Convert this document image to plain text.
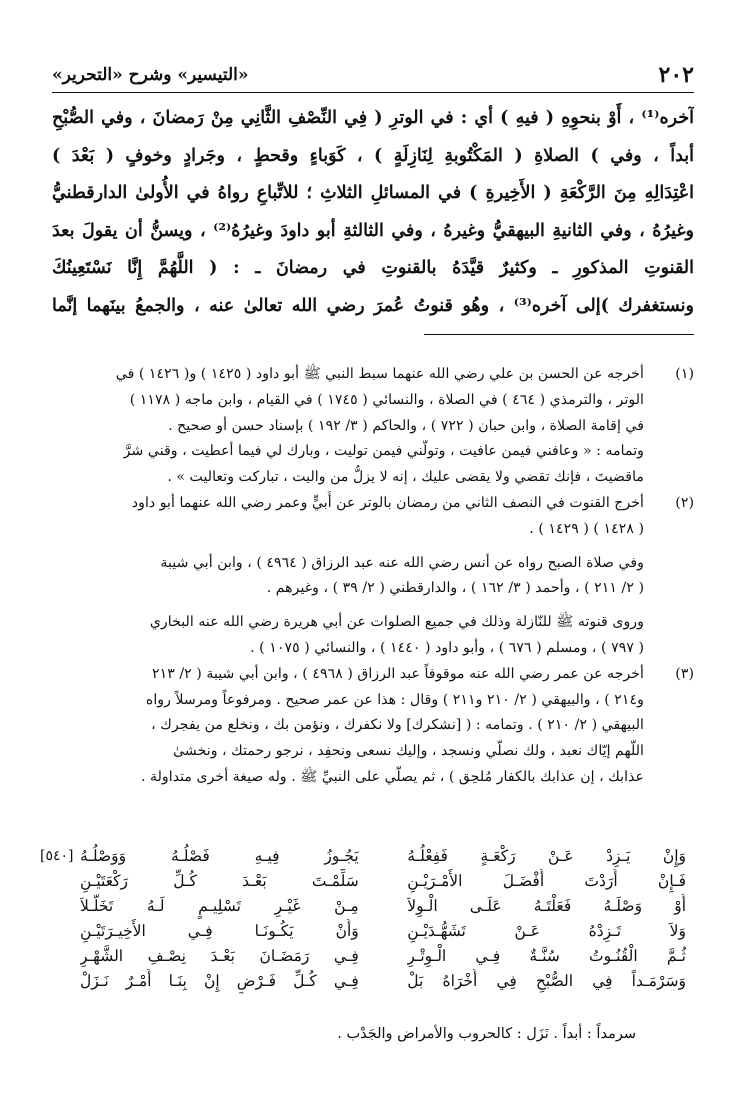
٢٠٢
«التيسير» وشرح «التحرير»
آخره⁽¹⁾ ، أَوْ بنحوِهِ ( فيهِ ) أي : في الوترِ ( فِي النِّصْفِ الثَّانِي مِنْ رَمضانَ ، وفي الصُّبْحِ
أبداً ، وفي ) الصلاةِ ( المَكْتُوبةِ لِنَازِلَةٍ ) ، كَوَباءٍ وقحطٍ ، وجَرادٍ وخوفٍ ( بَعْدَ )
اعْتِدَالِهِ مِنَ الرَّكْعَةِ ( الأَخِيرةِ ) في المسائلِ الثلاثِ ؛ للاتِّباعِ رواهُ في الأُولىٰ الدارقطنيُّ
وغيرُهُ ، وفي الثانيةِ البيهقيُّ وغيرهُ ، وفي الثالثةِ أبو داودَ وغيرُهُ⁽²⁾ ، ويسنُّ أن يقولَ بعدَ
القنوتِ المذكورِ ـ وكثيرٌ قيَّدَهُ بالقنوتِ في رمضانَ ـ : ( اللَّهُمَّ إِنَّا نَسْتَعِينُكَ
ونستغفرك )إلى آخره⁽³⁾ ، وهُو قنوتُ عُمرَ رضي الله تعالىٰ عنه ، والجمعُ بينَهما إنَّما
(١)
أخرجه عن الحسن بن علي رضي الله عنهما سبط النبي ﷺ أبو داود ( ١٤٢٥ ) و( ١٤٢٦ ) في
الوتر ، والترمذي ( ٤٦٤ ) في الصلاة ، والنسائي ( ١٧٤٥ ) في القيام ، وابن ماجه ( ١١٧٨ )
في إقامة الصلاة ، وابن حبان ( ٧٢٢ ) ، والحاكم ( ٣/ ١٩٢ ) بإسناد حسن أو صحيح .
وتمامه : « وعافني فيمن عافيت ، وتولّني فيمن توليت ، وبارك لي فيما أعطيت ، وقني شرَّ
ماقضيتَ ، فإنك تقضي ولا يقضى عليك ، إنه لا يزلُّ من واليت ، تباركت وتعاليت » .
(٢)
أخرج القنوت في النصف الثاني من رمضان بالوتر عن أُبيٍّ وعمر رضي الله عنهما أبو داود
( ١٤٢٨ ) ( ١٤٢٩ ) .
وفي صلاة الصبح رواه عن أنس رضي الله عنه عبد الرزاق ( ٤٩٦٤ ) ، وابن أبي شيبة
( ٢/ ٢١١ ) ، وأحمد ( ٣/ ١٦٢ ) ، والدارقطني ( ٢/ ٣٩ ) ، وغيرهم .
وروى قنوته ﷺ للنّازلة وذلك في جميع الصلوات عن أبي هريرة رضي الله عنه البخاري
( ٧٩٧ ) ، ومسلم ( ٦٧٦ ) ، وأبو داود ( ١٤٤٠ ) ، والنسائي ( ١٠٧٥ ) .
(٣)
أخرجه عن عمر رضي الله عنه موقوفاً عبد الرزاق ( ٤٩٦٨ ) ، وابن أبي شيبة ( ٢/ ٢١٣
و٢١٤ ) ، والبيهقي ( ٢/ ٢١٠ و٢١١ ) وقال : هذا عن عمر صحيح . ومرفوعاً ومرسلاً رواه
البيهقي ( ٢/ ٢١٠ ) . وتمامه : ( [نشكرك] ولا نكفرك ، ونؤمن بك ، ونخلع من يفجرك ،
اللّهم إيّاك نعبد ، ولك نصلّي ونسجد ، وإليك نسعى ونحفِد ، نرجو رحمتك ، ونخشىٰ
عذابك ، إن عذابك بالكفار مُلحِق ) ، ثم يصلّي على النبيِّ ﷺ . وله صيغة أخرى متداولة .
[٥٤٠]	وَإِنْ يَـزِدْ عَـنْ رَكْعَـةٍ فَفِعْلُـهُ
يَجُـوزُ فِيـهِ فَصْلُـهُ وَوَصْلُـهُ
فَـإِنْ أَرَدْتَ أَفْضَـلَ الأَمْـرَيْـنِ
سَلِّمْـتَ بَعْـدَ كُـلِّ رَكْعَتَيْـنِ
أَوْ وَصْلَـهُ فَعَلْتَـهُ عَلَـى الْـوِلاَ
مِـنْ غَيْـرِ تَسْلِيـمٍ لَـهُ تَخَلَّـلاَ
وَلاَ تَـزِدْهُ عَـنْ تَشَهُّـدَيْـنِ
وَأَنْ يَكُـونَـا فِـي الأَخِيـرَتَيْـنِ
ثُـمَّ الْقُنُـوتُ سُنَّـةٌ فِـي الْـوِتْـرِ
فِـي رَمَضَـانَ بَعْـدَ نِصْـفِ الشَّهْـرِ
وَسَرْمَـداً فِي الصُّبْحِ فِي أُخْرَاهُ بَلْ
فِـي كُـلِّ فَـرْضٍ إِنْ بِنَـا أَمْـرٌ نَـزَلْ
سرمداً : أبداً . نَزَل : كالحروب والأمراض والجَدْب .
